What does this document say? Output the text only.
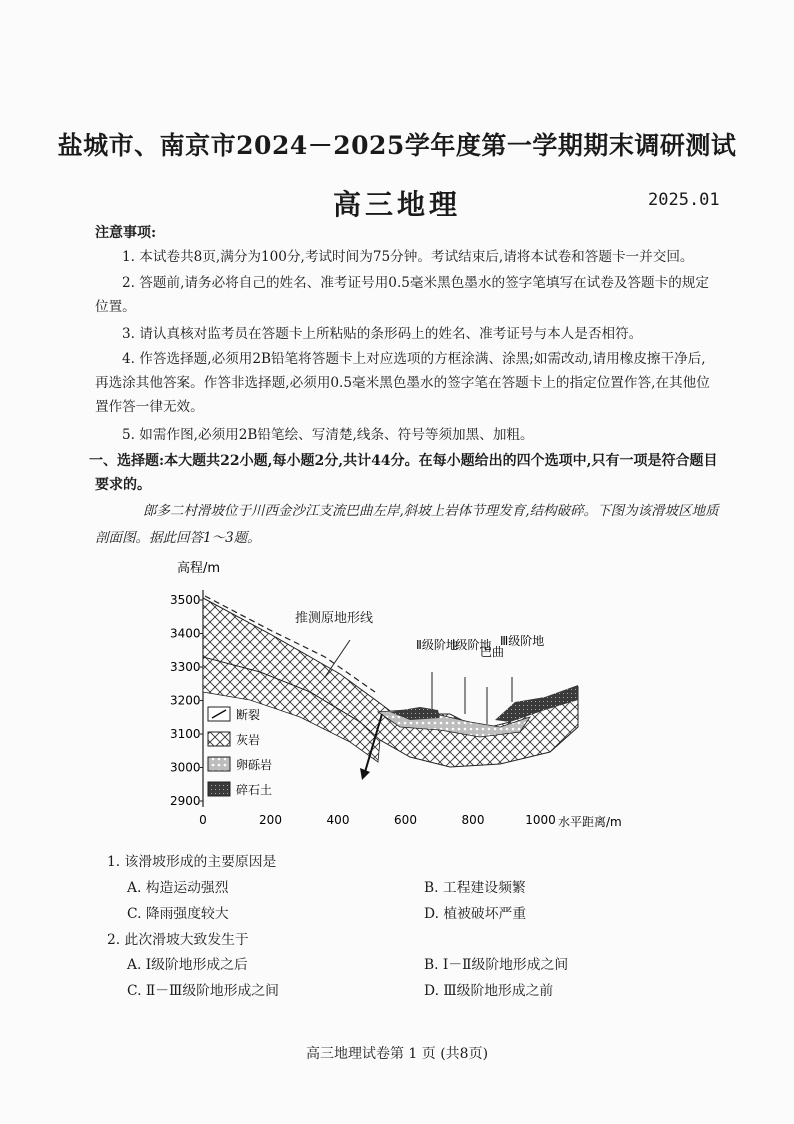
盐城市、南京市2024－2025学年度第一学期期末调研测试
高三地理	2025.01
注意事项:
1. 本试卷共8页,满分为100分,考试时间为75分钟。考试结束后,请将本试卷和答题卡一并交回。
2. 答题前,请务必将自己的姓名、准考证号用0.5毫米黑色墨水的签字笔填写在试卷及答题卡的规定位置。
3. 请认真核对监考员在答题卡上所粘贴的条形码上的姓名、准考证号与本人是否相符。
4. 作答选择题,必须用2B铅笔将答题卡上对应选项的方框涂满、涂黑;如需改动,请用橡皮擦干净后,再选涂其他答案。作答非选择题,必须用0.5毫米黑色墨水的签字笔在答题卡上的指定位置作答,在其他位置作答一律无效。
5. 如需作图,必须用2B铅笔绘、写清楚,线条、符号等须加黑、加粗。
一、选择题:本大题共22小题,每小题2分,共计44分。在每小题给出的四个选项中,只有一项是符合题目要求的。
郎多二村滑坡位于川西金沙江支流巴曲左岸,斜坡上岩体节理发育,结构破碎。下图为该滑坡区地质剖面图。据此回答1～3题。
推测原地形线
Ⅱ级阶地
Ⅰ级阶地
巴曲
Ⅲ级阶地
高程/m
3500
3400
3300
3200
3100
3000
2900
0	200	400	600	800	1000 水平距离/m
断裂
灰岩
卵砾岩
碎石土
1. 该滑坡形成的主要原因是
A. 构造运动强烈	B. 工程建设频繁
C. 降雨强度较大	D. 植被破坏严重
2. 此次滑坡大致发生于
A. Ⅰ级阶地形成之后	B. Ⅰ－Ⅱ级阶地形成之间
C. Ⅱ－Ⅲ级阶地形成之间	D. Ⅲ级阶地形成之前
高三地理试卷第 1 页 (共8页)
